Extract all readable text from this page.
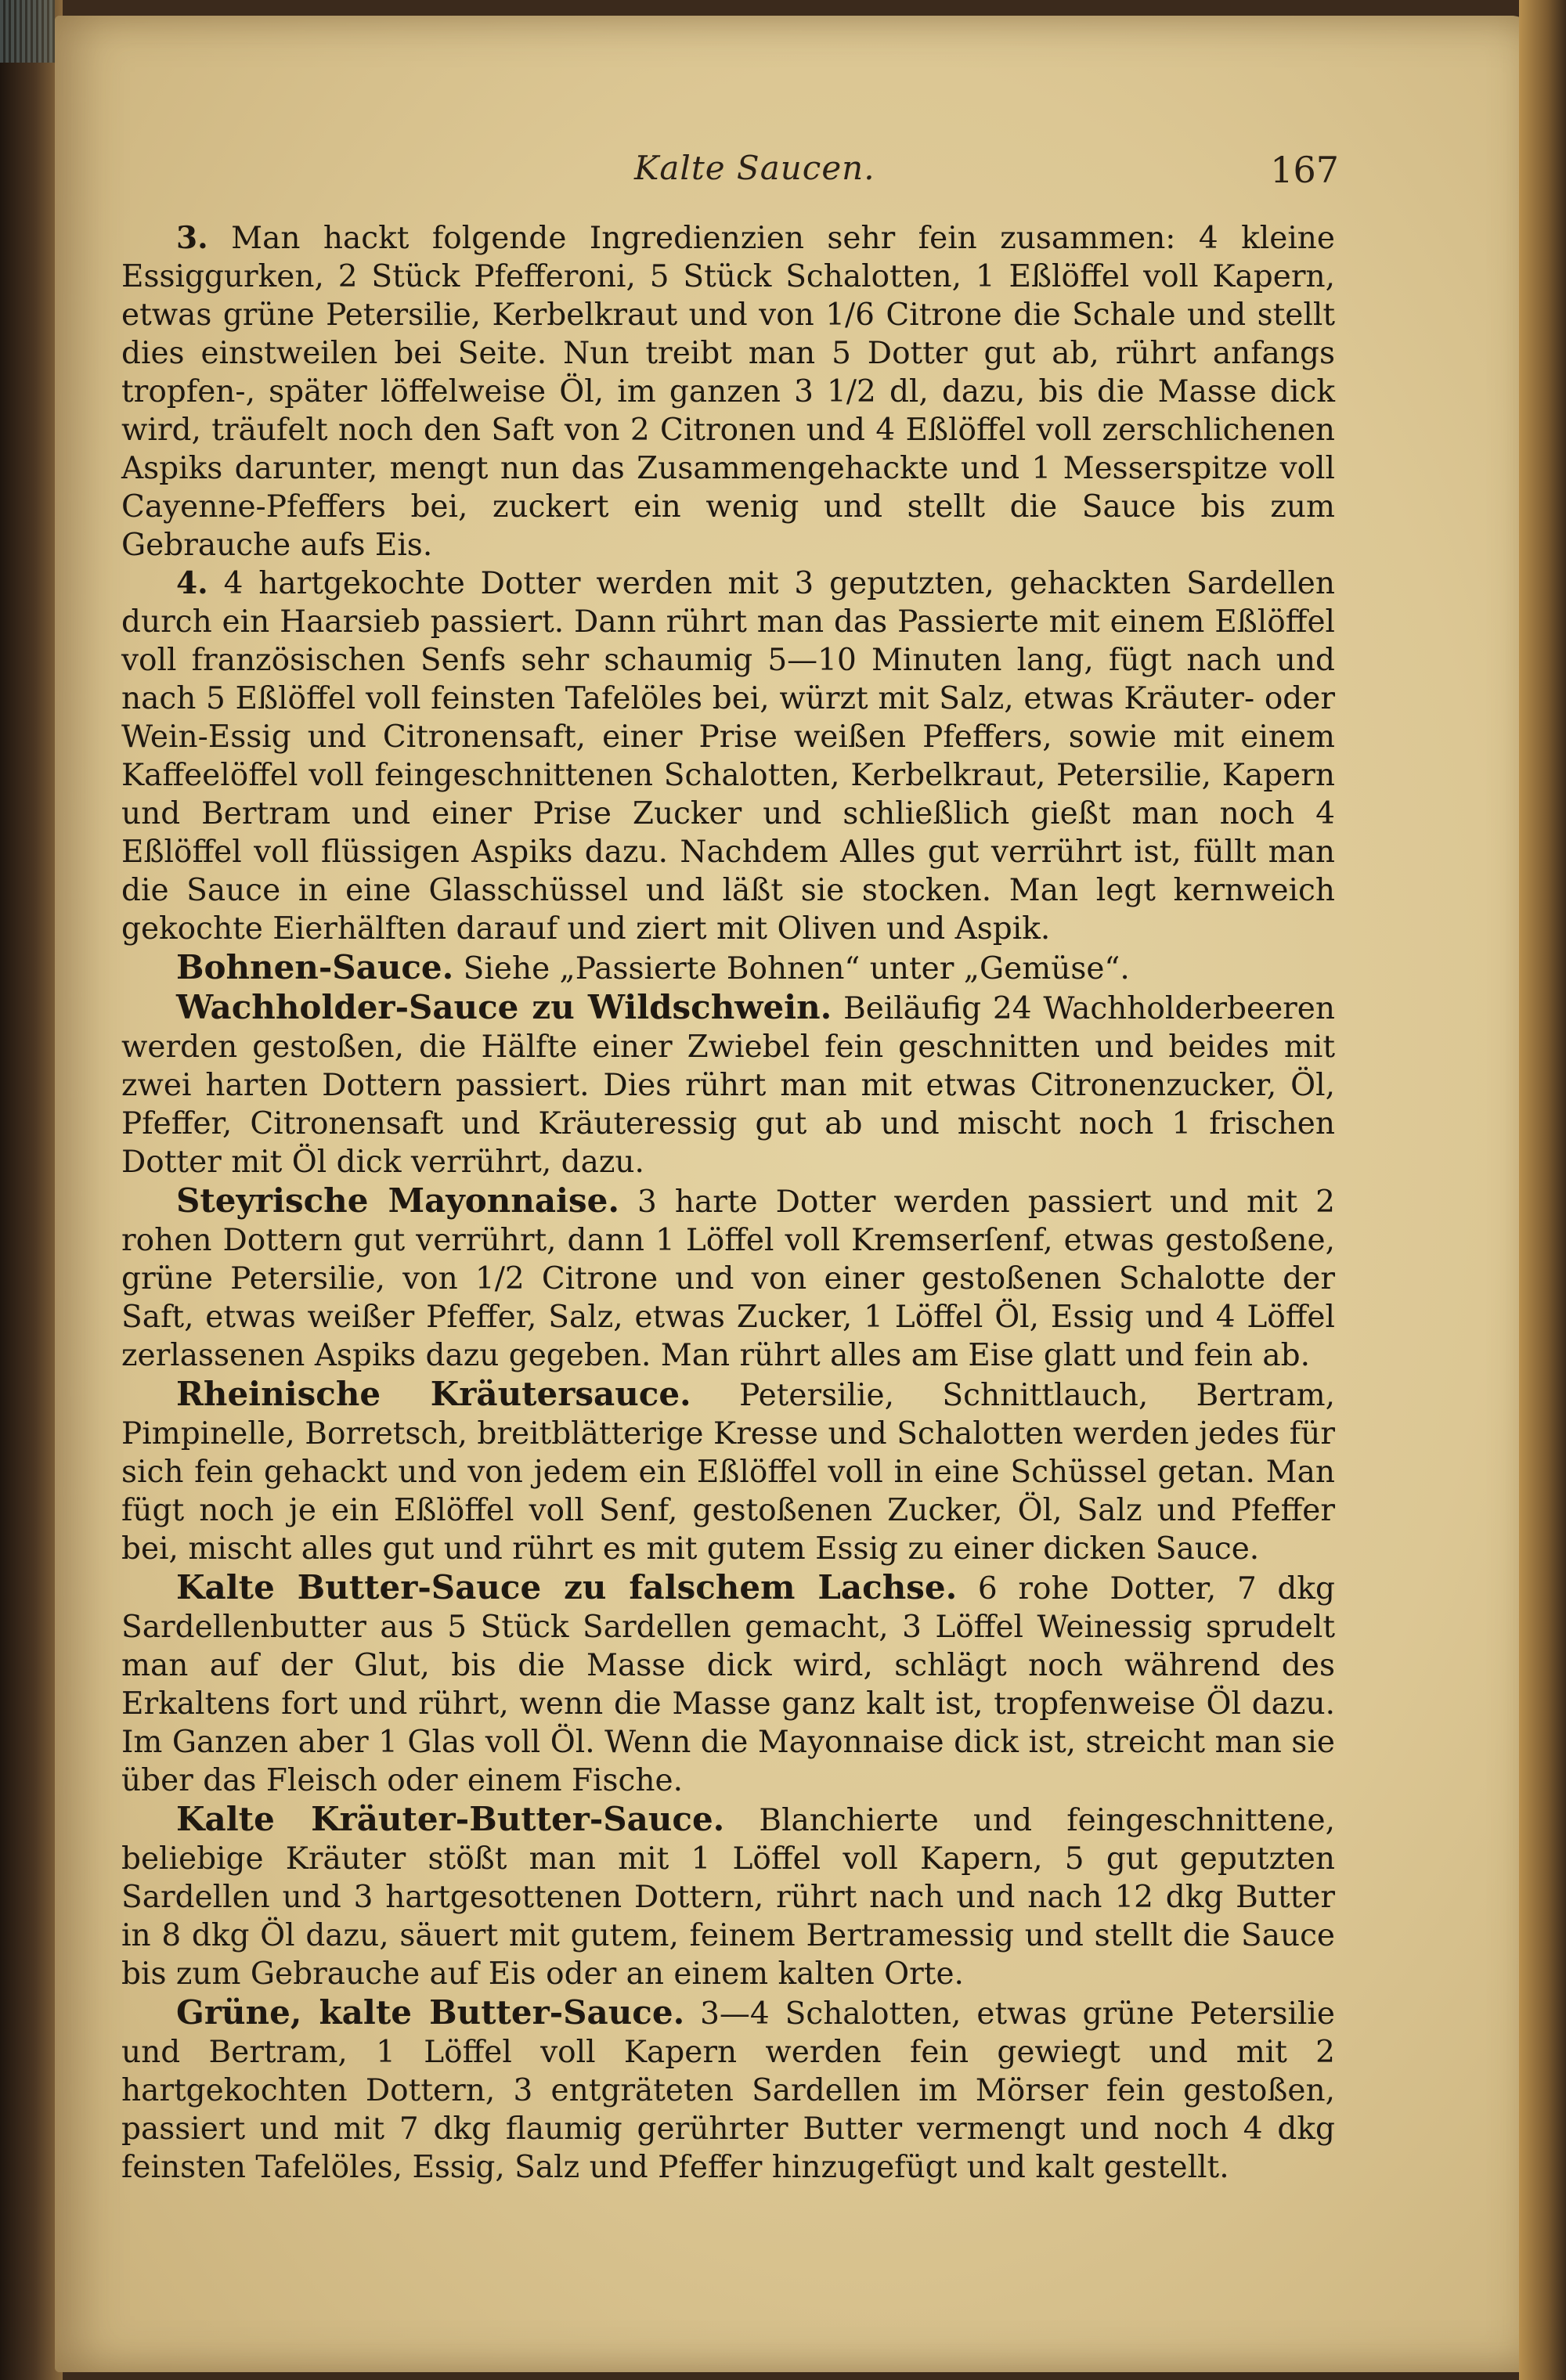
Kalte Saucen.	167

3. Man hackt folgende Ingredienzien sehr fein zusammen: 4 kleine Essiggurken, 2 Stück Pfefferoni, 5 Stück Schalotten, 1 Eßlöffel voll Kapern, etwas grüne Petersilie, Kerbelkraut und von 1/6 Citrone die Schale und stellt dies einstweilen bei Seite. Nun treibt man 5 Dotter gut ab, rührt anfangs tropfen-, später löffelweise Öl, im ganzen 3 1/2 dl, dazu, bis die Masse dick wird, träufelt noch den Saft von 2 Citronen und 4 Eßlöffel voll zerschlichenen Aspiks darunter, mengt nun das Zusammengehackte und 1 Messerspitze voll Cayenne-Pfeffers bei, zuckert ein wenig und stellt die Sauce bis zum Gebrauche aufs Eis.

4. 4 hartgekochte Dotter werden mit 3 geputzten, gehackten Sardellen durch ein Haarsieb passiert. Dann rührt man das Passierte mit einem Eßlöffel voll französischen Senfs sehr schaumig 5—10 Minuten lang, fügt nach und nach 5 Eßlöffel voll feinsten Tafelöles bei, würzt mit Salz, etwas Kräuter- oder Wein-Essig und Citronensaft, einer Prise weißen Pfeffers, sowie mit einem Kaffeelöffel voll feingeschnittenen Schalotten, Kerbelkraut, Petersilie, Kapern und Bertram und einer Prise Zucker und schließlich gießt man noch 4 Eßlöffel voll flüssigen Aspiks dazu. Nachdem Alles gut verrührt ist, füllt man die Sauce in eine Glasschüssel und läßt sie stocken. Man legt kernweich gekochte Eierhälften darauf und ziert mit Oliven und Aspik.

Bohnen-Sauce. Siehe „Passierte Bohnen“ unter „Gemüse“.

Wachholder-Sauce zu Wildschwein. Beiläufig 24 Wachholderbeeren werden gestoßen, die Hälfte einer Zwiebel fein geschnitten und beides mit zwei harten Dottern passiert. Dies rührt man mit etwas Citronenzucker, Öl, Pfeffer, Citronensaft und Kräuteressig gut ab und mischt noch 1 frischen Dotter mit Öl dick verrührt, dazu.

Steyrische Mayonnaise. 3 harte Dotter werden passiert und mit 2 rohen Dottern gut verrührt, dann 1 Löffel voll Kremserſenf, etwas gestoßene, grüne Petersilie, von 1/2 Citrone und von einer gestoßenen Schalotte der Saft, etwas weißer Pfeffer, Salz, etwas Zucker, 1 Löffel Öl, Essig und 4 Löffel zerlassenen Aspiks dazu gegeben. Man rührt alles am Eise glatt und fein ab.

Rheinische Kräutersauce. Petersilie, Schnittlauch, Bertram, Pimpinelle, Borretsch, breitblätterige Kresse und Schalotten werden jedes für sich fein gehackt und von jedem ein Eßlöffel voll in eine Schüssel getan. Man fügt noch je ein Eßlöffel voll Senf, gestoßenen Zucker, Öl, Salz und Pfeffer bei, mischt alles gut und rührt es mit gutem Essig zu einer dicken Sauce.

Kalte Butter-Sauce zu falschem Lachse. 6 rohe Dotter, 7 dkg Sardellenbutter aus 5 Stück Sardellen gemacht, 3 Löffel Weinessig sprudelt man auf der Glut, bis die Masse dick wird, schlägt noch während des Erkaltens fort und rührt, wenn die Masse ganz kalt ist, tropfenweise Öl dazu. Im Ganzen aber 1 Glas voll Öl. Wenn die Mayonnaise dick ist, streicht man sie über das Fleisch oder einem Fische.

Kalte Kräuter-Butter-Sauce. Blanchierte und feingeschnittene, beliebige Kräuter stößt man mit 1 Löffel voll Kapern, 5 gut geputzten Sardellen und 3 hartgesottenen Dottern, rührt nach und nach 12 dkg Butter in 8 dkg Öl dazu, säuert mit gutem, feinem Bertramessig und stellt die Sauce bis zum Gebrauche auf Eis oder an einem kalten Orte.

Grüne, kalte Butter-Sauce. 3—4 Schalotten, etwas grüne Petersilie und Bertram, 1 Löffel voll Kapern werden fein gewiegt und mit 2 hartgekochten Dottern, 3 entgräteten Sardellen im Mörser fein gestoßen, passiert und mit 7 dkg flaumig gerührter Butter vermengt und noch 4 dkg feinsten Tafelöles, Essig, Salz und Pfeffer hinzugefügt und kalt gestellt.
